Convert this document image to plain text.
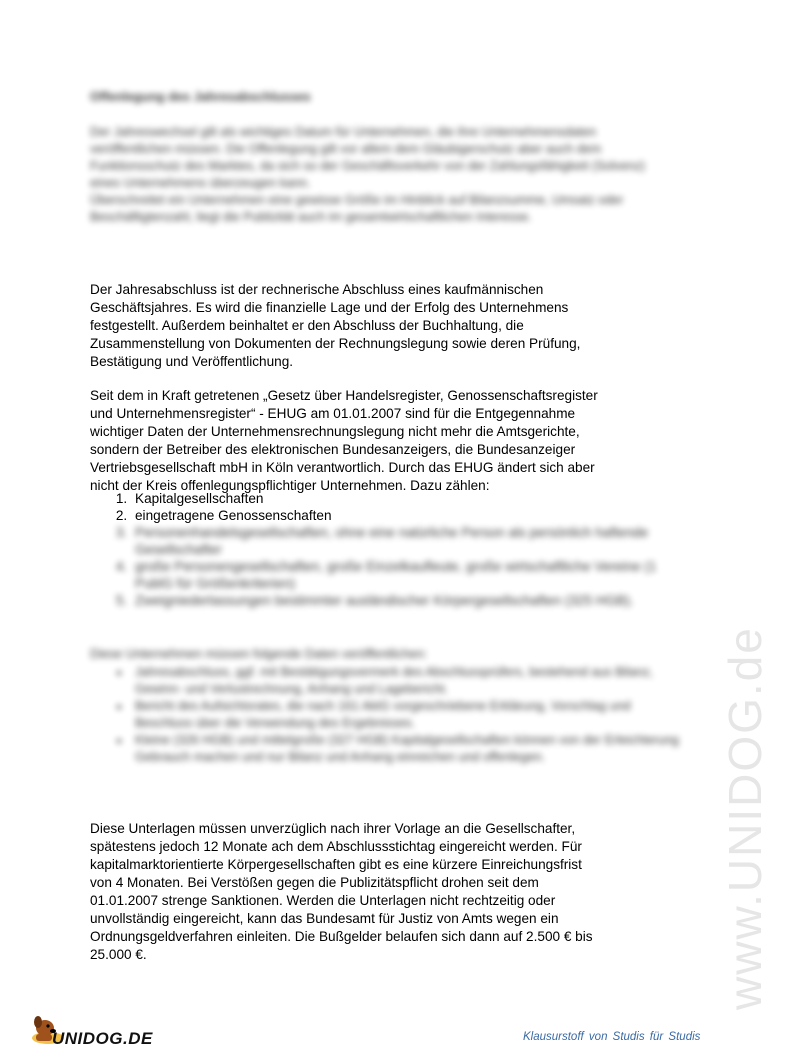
Offenlegung des Jahresabschlusses
Der Jahreswechsel gilt als wichtiges Datum für Unternehmen, die ihre Unternehmensdaten veröffentlichen müssen. Die Offenlegung gilt vor allem dem Gläubigerschutz aber auch dem Funktionsschutz des Marktes, da sich so der Geschäftsverkehr von der Zahlungsfähigkeit (Solvenz) eines Unternehmens überzeugen kann.
Überschreitet ein Unternehmen eine gewisse Größe im Hinblick auf Bilanzsumme, Umsatz oder Beschäftigtenzahl, liegt die Publizität auch im gesamtwirtschaftlichen Interesse.
Der Jahresabschluss ist der rechnerische Abschluss eines kaufmännischen
Geschäftsjahres. Es wird die finanzielle Lage und der Erfolg des Unternehmens
festgestellt. Außerdem beinhaltet er den Abschluss der Buchhaltung, die
Zusammenstellung von Dokumenten der Rechnungslegung sowie deren Prüfung,
Bestätigung und Veröffentlichung.
Seit dem in Kraft getretenen „Gesetz über Handelsregister, Genossenschaftsregister
und Unternehmensregister“ - EHUG am 01.01.2007 sind für die Entgegennahme
wichtiger Daten der Unternehmensrechnungslegung nicht mehr die Amtsgerichte,
sondern der Betreiber des elektronischen Bundesanzeigers, die Bundesanzeiger
Vertriebsgesellschaft mbH in Köln verantwortlich. Durch das EHUG ändert sich aber
nicht der Kreis offenlegungspflichtiger Unternehmen. Dazu zählen:
1. Kapitalgesellschaften
2. eingetragene Genossenschaften
3. Personenhandelsgesellschaften, ohne eine natürliche Person als persönlich haftende Gesellschafter
4. große Personengesellschaften, große Einzelkaufleute, große wirtschaftliche Vereine (1 PublG für Größenkriterien)
5. Zweigniederlassungen bestimmter ausländischer Körpergesellschaften (325 HGB).
Diese Unternehmen müssen folgende Daten veröffentlichen:
• Jahresabschluss, ggf. mit Bestätigungsvermerk des Abschlussprüfers, bestehend aus Bilanz, Gewinn- und Verlustrechnung, Anhang und Lagebericht.
• Bericht des Aufsichtsrates, die nach 161 AktG vorgeschriebene Erklärung, Vorschlag und Beschluss über die Verwendung des Ergebnisses.
• Kleine (326 HGB) und mittelgroße (327 HGB) Kapitalgesellschaften können von der Erleichterung Gebrauch machen und nur Bilanz und Anhang einreichen und offenlegen.
Diese Unterlagen müssen unverzüglich nach ihrer Vorlage an die Gesellschafter,
spätestens jedoch 12 Monate ach dem Abschlussstichtag eingereicht werden. Für
kapitalmarktorientierte Körpergesellschaften gibt es eine kürzere Einreichungsfrist
von 4 Monaten. Bei Verstößen gegen die Publizitätspflicht drohen seit dem
01.01.2007 strenge Sanktionen. Werden die Unterlagen nicht rechtzeitig oder
unvollständig eingereicht, kann das Bundesamt für Justiz von Amts wegen ein
Ordnungsgeldverfahren einleiten. Die Bußgelder belaufen sich dann auf 2.500 € bis
25.000 €.	www.UNIDOG.de
UNIDOG.DE	Klausurstoff von Studis für Studis
